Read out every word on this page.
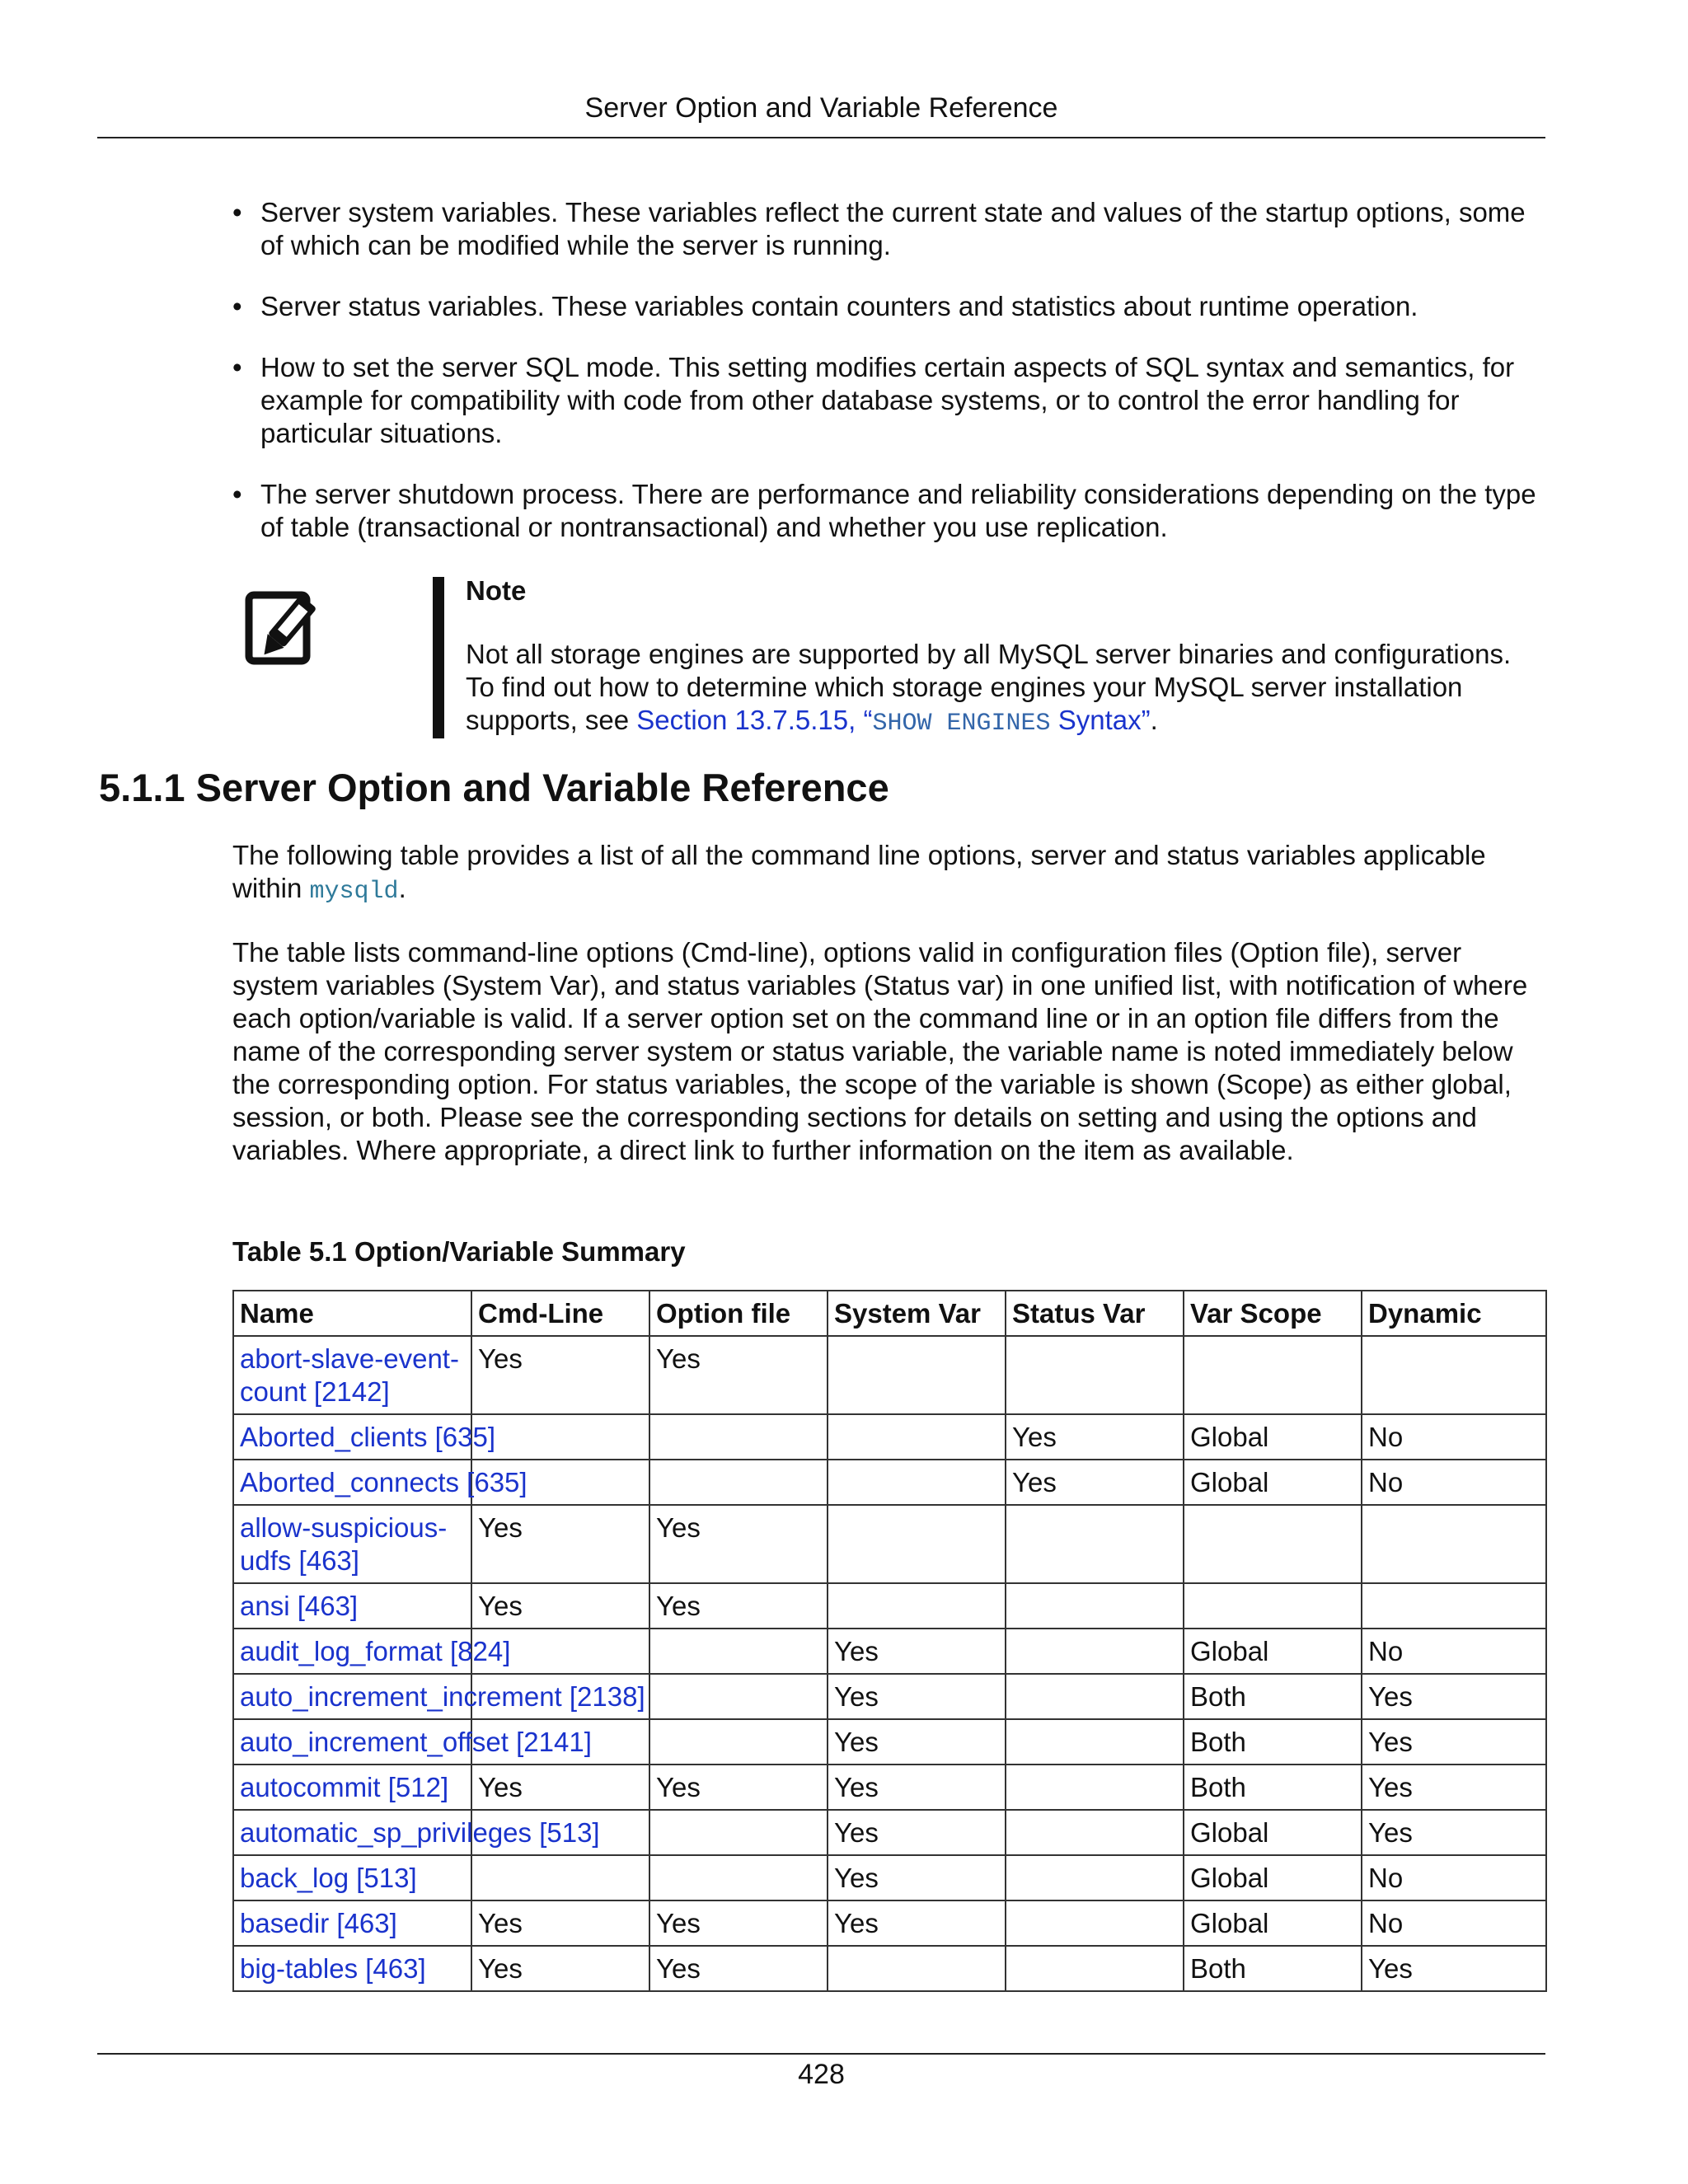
Server Option and Variable Reference
• Server system variables. These variables reflect the current state and values of the startup options, some of which can be modified while the server is running.
• Server status variables. These variables contain counters and statistics about runtime operation.
• How to set the server SQL mode. This setting modifies certain aspects of SQL syntax and semantics, for example for compatibility with code from other database systems, or to control the error handling for particular situations.
• The server shutdown process. There are performance and reliability considerations depending on the type of table (transactional or nontransactional) and whether you use replication.
Note
Not all storage engines are supported by all MySQL server binaries and configurations. To find out how to determine which storage engines your MySQL server installation supports, see Section 13.7.5.15, “SHOW ENGINES Syntax”.
5.1.1 Server Option and Variable Reference

The following table provides a list of all the command line options, server and status variables applicable within mysqld.

The table lists command-line options (Cmd-line), options valid in configuration files (Option file), server system variables (System Var), and status variables (Status var) in one unified list, with notification of where each option/variable is valid. If a server option set on the command line or in an option file differs from the name of the corresponding server system or status variable, the variable name is noted immediately below the corresponding option. For status variables, the scope of the variable is shown (Scope) as either global, session, or both. Please see the corresponding sections for details on setting and using the options and variables. Where appropriate, a direct link to further information on the item as available.

Table 5.1 Option/Variable Summary
Name	Cmd-Line	Option file	System Var	Status Var	Var Scope	Dynamic
abort-slave-event-
count [2142]	Yes	Yes				
Aborted_clients [635]				Yes	Global	No
Aborted_connects [635]				Yes	Global	No
allow-suspicious-
udfs [463]	Yes	Yes				
ansi [463]	Yes	Yes				
audit_log_format [824]			Yes		Global	No
auto_increment_increment [2138]			Yes		Both	Yes
auto_increment_offset [2141]			Yes		Both	Yes
autocommit [512]	Yes	Yes	Yes		Both	Yes
automatic_sp_privileges [513]			Yes		Global	Yes
back_log [513]			Yes		Global	No
basedir [463]	Yes	Yes	Yes		Global	No
big-tables [463]	Yes	Yes			Both	Yes
428
